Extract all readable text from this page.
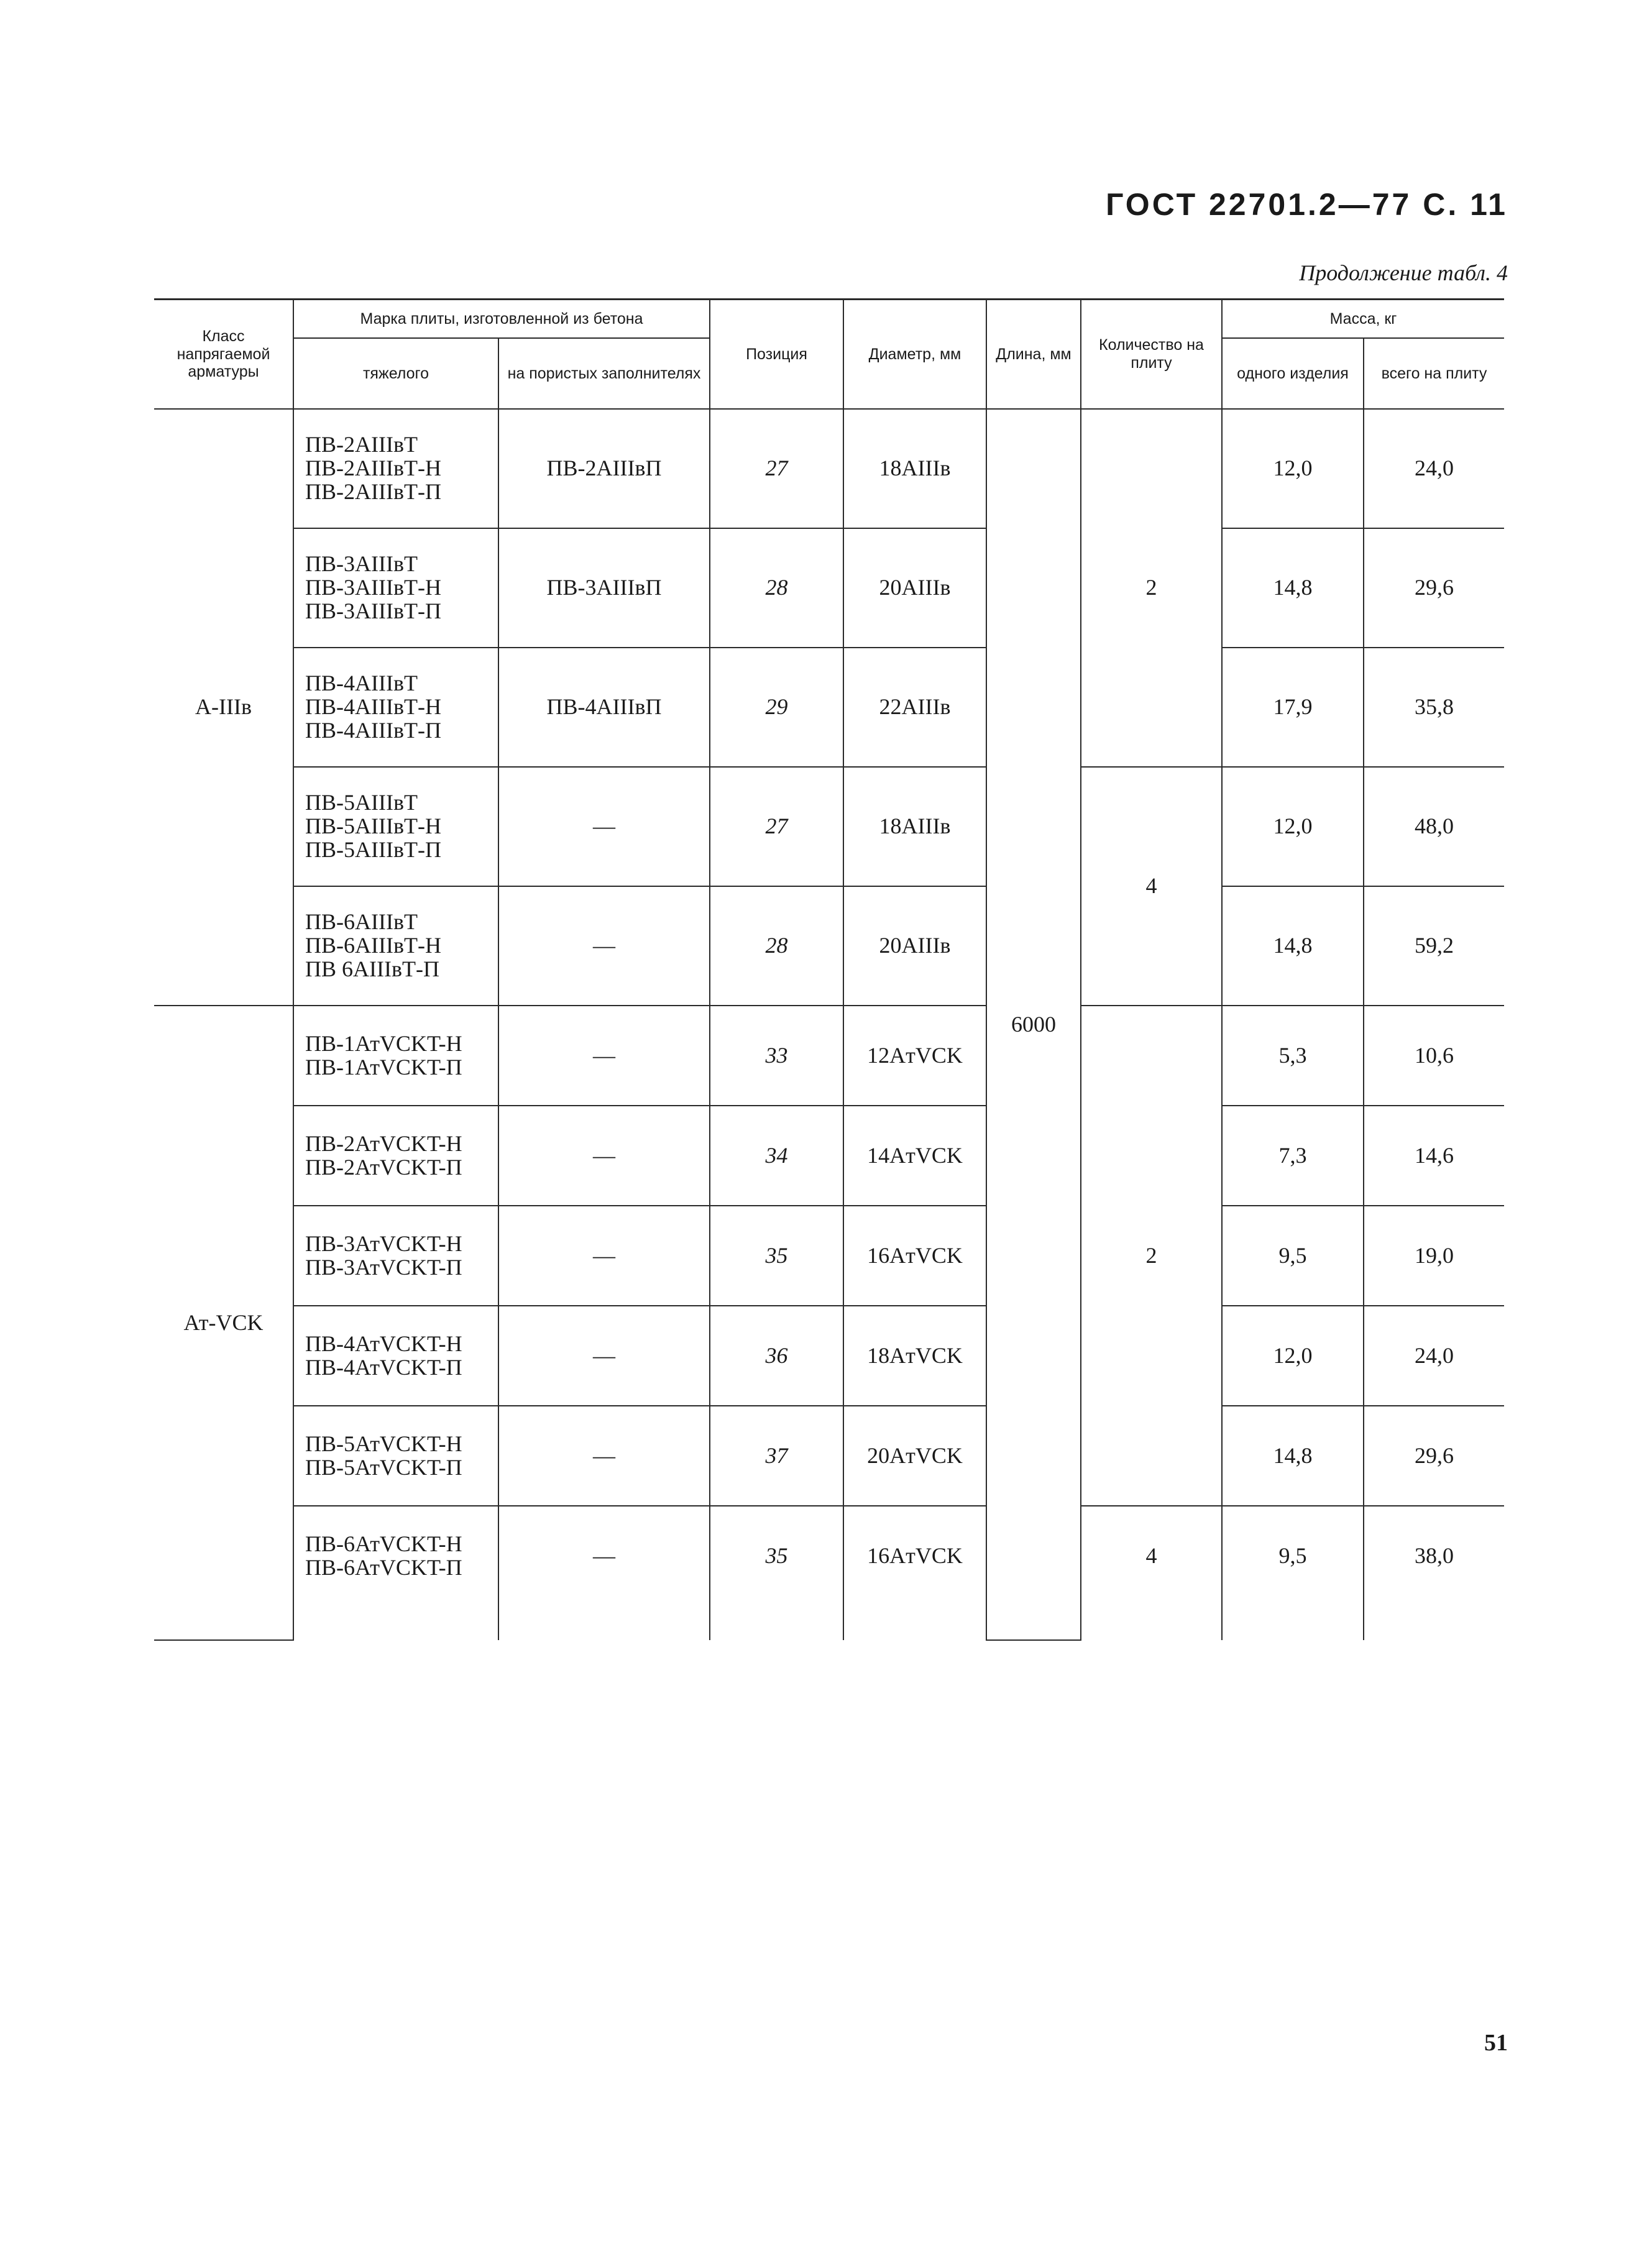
ГОСТ 22701.2—77 С. 11
Продолжение табл. 4
Класс напрягаемой арматуры	Марка плиты, изготовленной из бетона		Позиция	Диаметр, мм	Длина, мм	Количество на плиту	Масса, кг	
	тяжелого	на пористых заполнителях					одного изделия	всего на плиту
A-IIIв	ПВ-2AIIIвТ
ПВ-2AIIIвТ-Н
ПВ-2AIIIвТ-П	ПВ-2AIIIвП	27	18AIIIв	6000	2	12,0	24,0

	ПВ-3AIIIвТ
ПВ-3AIIIвТ-Н
ПВ-3AIIIвТ-П	ПВ-3AIIIвП	28	20AIIIв			14,8	29,6

	ПВ-4AIIIвТ
ПВ-4AIIIвТ-Н
ПВ-4AIIIвТ-П	ПВ-4AIIIвП	29	22AIIIв			17,9	35,8

	ПВ-5AIIIвТ
ПВ-5AIIIвТ-Н
ПВ-5AIIIвТ-П	—	27	18AIIIв		4	12,0	48,0

	ПВ-6AIIIвТ
ПВ-6AIIIвТ-Н
ПВ 6AIIIвТ-П	—	28	20AIIIв			14,8	59,2
Ат-VCK	ПВ-1АтVCKT-Н
ПВ-1АтVCKT-П	—	33	12AтVCK		2	5,3	10,6

	ПВ-2АтVCKT-Н
ПВ-2АтVCKT-П	—	34	14AтVCK			7,3	14,6

	ПВ-3АтVCKT-Н
ПВ-3АтVCKT-П	—	35	16AтVCK			9,5	19,0

	ПВ-4АтVCKT-Н
ПВ-4АтVCKT-П	—	36	18AтVCK			12,0	24,0

	ПВ-5АтVCKT-Н
ПВ-5АтVCKT-П	—	37	20AтVCK			14,8	29,6

	ПВ-6АтVCKT-Н
ПВ-6АтVCKT-П	—	35	16AтVCK		4	9,5	38,0
51
